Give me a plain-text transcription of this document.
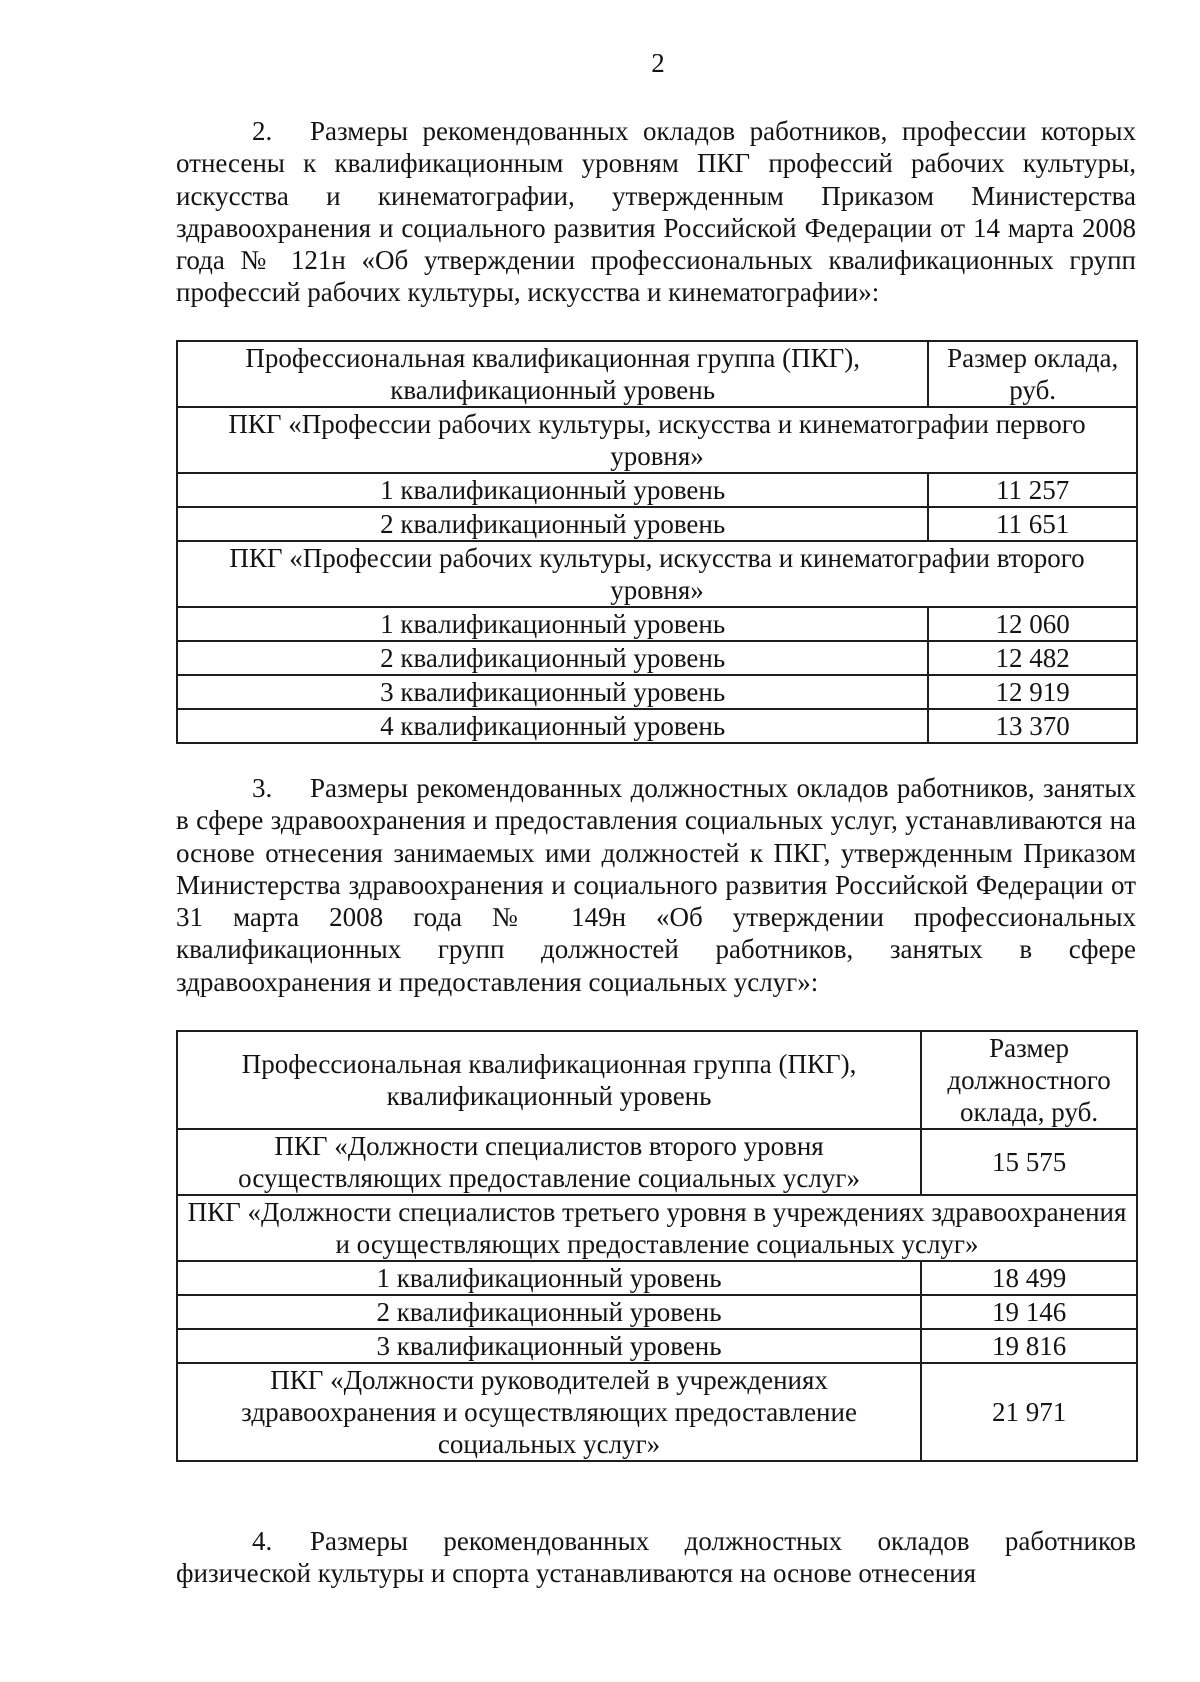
2

2. Размеры рекомендованных окладов работников, профессии которых отнесены к квалификационным уровням ПКГ профессий рабочих культуры, искусства и кинематографии, утвержденным Приказом Министерства здравоохранения и социального развития Российской Федерации от 14 марта 2008 года № 121н «Об утверждении профессиональных квалификационных групп профессий рабочих культуры, искусства и кинематографии»:

Профессиональная квалификационная группа (ПКГ), квалификационный уровень	Размер оклада, руб.
ПКГ «Профессии рабочих культуры, искусства и кинематографии первого уровня»	
1 квалификационный уровень	11 257
2 квалификационный уровень	11 651
ПКГ «Профессии рабочих культуры, искусства и кинематографии второго уровня»	
1 квалификационный уровень	12 060
2 квалификационный уровень	12 482
3 квалификационный уровень	12 919
4 квалификационный уровень	13 370

3. Размеры рекомендованных должностных окладов работников, занятых в сфере здравоохранения и предоставления социальных услуг, устанавливаются на основе отнесения занимаемых ими должностей к ПКГ, утвержденным Приказом Министерства здравоохранения и социального развития Российской Федерации от 31 марта 2008 года № 149н «Об утверждении профессиональных квалификационных групп должностей работников, занятых в сфере здравоохранения и предоставления социальных услуг»:

Профессиональная квалификационная группа (ПКГ), квалификационный уровень	Размер должностного оклада, руб.
ПКГ «Должности специалистов второго уровня осуществляющих предоставление социальных услуг»	15 575
ПКГ «Должности специалистов третьего уровня в учреждениях здравоохранения и осуществляющих предоставление социальных услуг»	
1 квалификационный уровень	18 499
2 квалификационный уровень	19 146
3 квалификационный уровень	19 816
ПКГ «Должности руководителей в учреждениях здравоохранения и осуществляющих предоставление социальных услуг»	21 971

4. Размеры рекомендованных должностных окладов работников физической культуры и спорта устанавливаются на основе отнесения
